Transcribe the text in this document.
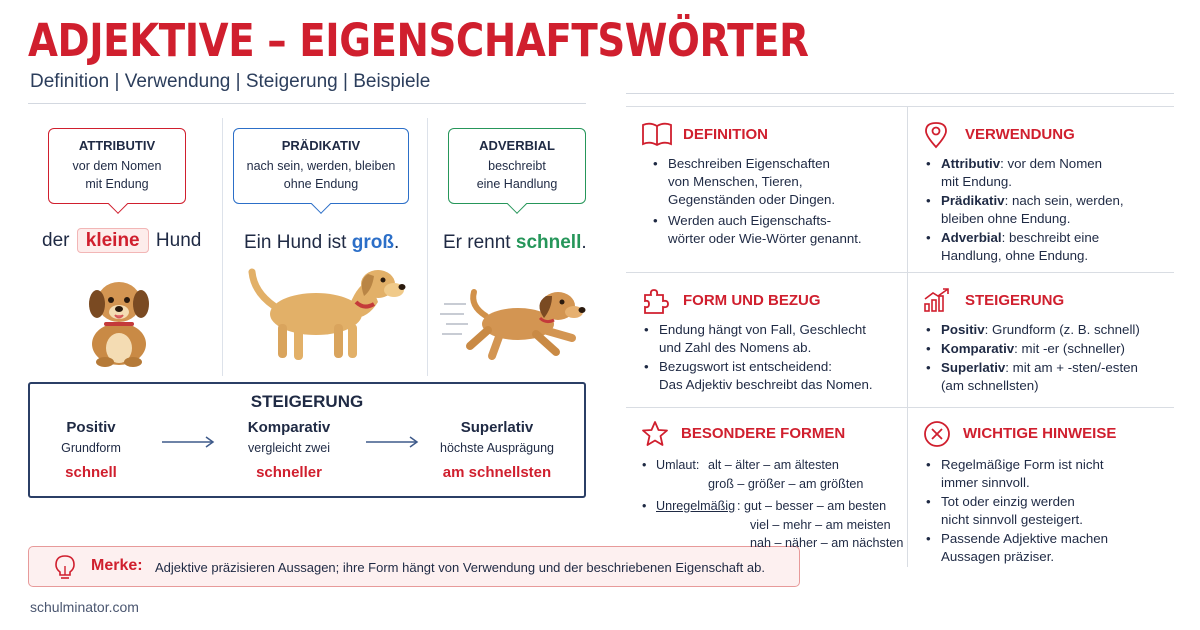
ADJEKTIVE – EIGENSCHAFTSWÖRTER
Definition | Verwendung | Steigerung | Beispiele
ATTRIBUTIV
vor dem Nomen
mit Endung
der kleine Hund
PRÄDIKATIV
nach sein, werden, bleiben
ohne Endung
Ein Hund ist groß.
ADVERBIAL
beschreibt
eine Handlung
Er rennt schnell.
STEIGERUNG
Positiv
Grundform
schnell
Komparativ
vergleicht zwei
schneller
Superlativ
höchste Ausprägung
am schnellsten
Merke: Adjektive präzisieren Aussagen; ihre Form hängt von Verwendung und der beschriebenen Eigenschaft ab.
schulminator.com
DEFINITION
• Beschreiben Eigenschaften
von Menschen, Tieren,
Gegenständen oder Dingen.
• Werden auch Eigenschafts-
wörter oder Wie-Wörter genannt.
VERWENDUNG
• Attributiv: vor dem Nomen
mit Endung.
• Prädikativ: nach sein, werden,
bleiben ohne Endung.
• Adverbial: beschreibt eine
Handlung, ohne Endung.
FORM UND BEZUG
• Endung hängt von Fall, Geschlecht
und Zahl des Nomens ab.
• Bezugswort ist entscheidend:
Das Adjektiv beschreibt das Nomen.
STEIGERUNG
• Positiv: Grundform (z. B. schnell)
• Komparativ: mit -er (schneller)
• Superlativ: mit am + -sten/-esten
(am schnellsten)
BESONDERE FORMEN
• Umlaut: alt – älter – am ältesten
groß – größer – am größten
• Unregelmäßig : gut – besser – am besten
viel – mehr – am meisten
nah – näher – am nächsten
WICHTIGE HINWEISE
• Regelmäßige Form ist nicht
immer sinnvoll.
• Tot oder einzig werden
nicht sinnvoll gesteigert.
• Passende Adjektive machen
Aussagen präziser.
